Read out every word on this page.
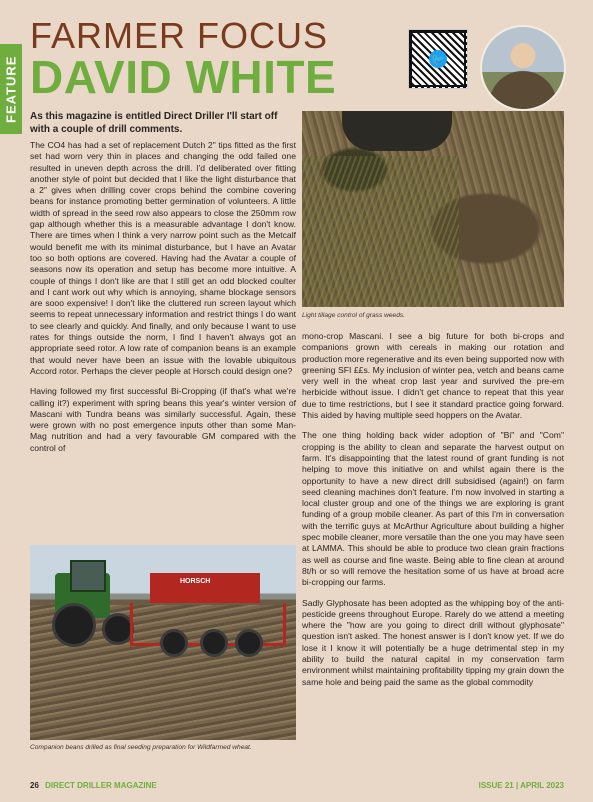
FEATURE
FARMER FOCUS
DAVID WHITE	🐦
As this magazine is entitled Direct Driller I'll start off with a couple of drill comments.

The CO4 has had a set of replacement Dutch 2" tips fitted as the first set had worn very thin in places and changing the odd failed one resulted in uneven depth across the drill. I'd deliberated over fitting another style of point but decided that I like the light disturbance that a 2" gives when drilling cover crops behind the combine covering beans for instance promoting better germination of volunteers. A little width of spread in the seed row also appears to close the 250mm row gap although whether this is a measurable advantage I don't know. There are times when I think a very narrow point such as the Metcalf would benefit me with its minimal disturbance, but I have an Avatar too so both options are covered. Having had the Avatar a couple of seasons now its operation and setup has become more intuitive. A couple of things I don't like are that I still get an odd blocked coulter and I cant work out why which is annoying, shame blockage sensors are sooo expensive! I don't like the cluttered run screen layout which seems to repeat unnecessary information and restrict things I do want to see clearly and quickly. And finally, and only because I want to use rates for things outside the norm, I find I haven't always got an appropriate seed rotor. A low rate of companion beans is an example that would never have been an issue with the lovable ubiquitous Accord rotor. Perhaps the clever people at Horsch could design one?

Having followed my first successful Bi-Cropping (if that's what we're calling it?) experiment with spring beans this year's winter version of Mascani with Tundra beans was similarly successful. Again, these were grown with no post emergence inputs other than some Man-Mag nutrition and had a very favourable GM compared with the control of

Light tillage control of grass weeds.

mono-crop Mascani. I see a big future for both bi-crops and companions grown with cereals in making our rotation and production more regenerative and its even being supported now with greening SFI ££s. My inclusion of winter pea, vetch and beans came very well in the wheat crop last year and survived the pre-em herbicide without issue. I didn't get chance to repeat that this year due to time restrictions, but I see it standard practice going forward. This aided by having multiple seed hoppers on the Avatar.

The one thing holding back wider adoption of "Bi" and "Com" cropping is the ability to clean and separate the harvest output on farm. It's disappointing that the latest round of grant funding is not helping to move this initiative on and whilst again there is the opportunity to have a new direct drill subsidised (again!) on farm seed cleaning machines don't feature. I'm now involved in starting a local cluster group and one of the things we are exploring is grant funding of a group mobile cleaner. As part of this I'm in conversation with the terrific guys at McArthur Agriculture about building a higher spec mobile cleaner, more versatile than the one you may have seen at LAMMA. This should be able to produce two clean grain fractions as well as course and fine waste. Being able to fine clean at around 8t/h or so will remove the hesitation some of us have at broad acre bi-cropping our farms.

Sadly Glyphosate has been adopted as the whipping boy of the anti-pesticide greens throughout Europe. Rarely do we attend a meeting where the "how are you going to direct drill without glyphosate" question isn't asked. The honest answer is I don't know yet. If we do lose it I know it will potentially be a huge detrimental step in my ability to build the natural capital in my conservation farm environment whilst maintaining profitability tipping my grain down the same hole and being paid the same as the global commodity

HORSCH
Companion beans drilled as final seeding preparation for Wildfarmed wheat.
26 DIRECT DRILLER MAGAZINE	ISSUE 21 | APRIL 2023
